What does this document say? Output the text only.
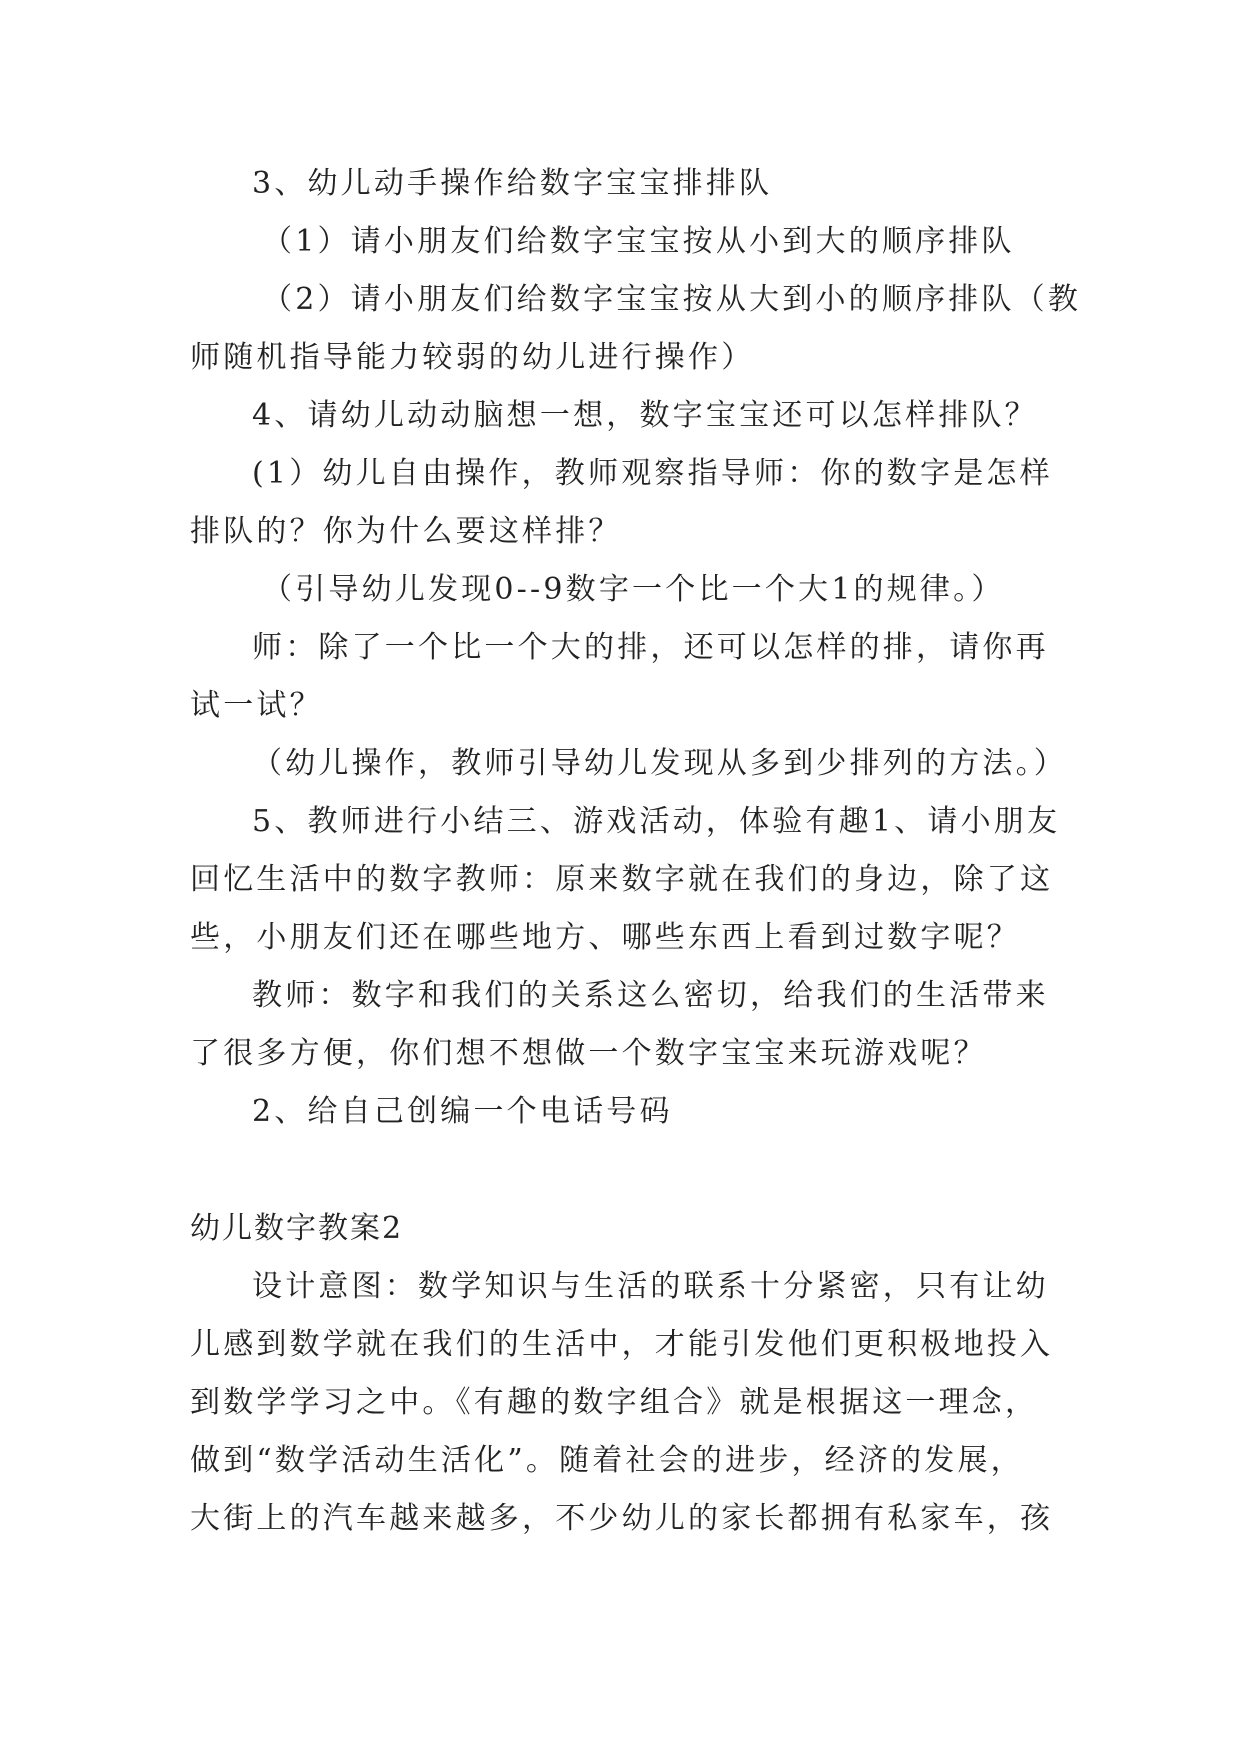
3、幼儿动手操作给数字宝宝排排队
（1）请小朋友们给数字宝宝按从小到大的顺序排队
（2）请小朋友们给数字宝宝按从大到小的顺序排队（教
师随机指导能力较弱的幼儿进行操作）
4、请幼儿动动脑想一想，数字宝宝还可以怎样排队？
(1）幼儿自由操作，教师观察指导师：你的数字是怎样
排队的？你为什么要这样排？
（引导幼儿发现0--9数字一个比一个大1的规律。）
师：除了一个比一个大的排，还可以怎样的排，请你再
试一试？
（幼儿操作，教师引导幼儿发现从多到少排列的方法。）
5、教师进行小结三、游戏活动，体验有趣1、请小朋友
回忆生活中的数字教师：原来数字就在我们的身边，除了这
些，小朋友们还在哪些地方、哪些东西上看到过数字呢？
教师：数字和我们的关系这么密切，给我们的生活带来
了很多方便，你们想不想做一个数字宝宝来玩游戏呢？
2、给自己创编一个电话号码
幼儿数字教案2
设计意图：数学知识与生活的联系十分紧密，只有让幼
儿感到数学就在我们的生活中，才能引发他们更积极地投入
到数学学习之中。《有趣的数字组合》就是根据这一理念，
做到“数学活动生活化”。随着社会的进步，经济的发展，
大街上的汽车越来越多，不少幼儿的家长都拥有私家车，孩
